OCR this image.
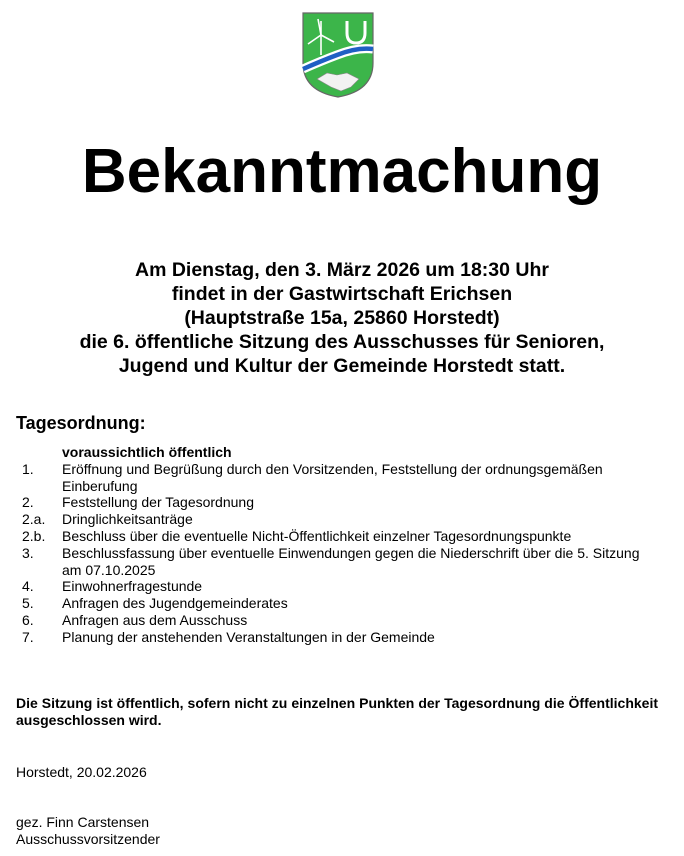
Bekanntmachung
Am Dienstag, den 3. März 2026 um 18:30 Uhr
findet in der Gastwirtschaft Erichsen
(Hauptstraße 15a, 25860 Horstedt)
die 6. öffentliche Sitzung des Ausschusses für Senioren,
Jugend und Kultur der Gemeinde Horstedt statt.
Tagesordnung:
voraussichtlich öffentlich
1.	Eröffnung und Begrüßung durch den Vorsitzenden, Feststellung der ordnungsgemäßen Einberufung
2.	Feststellung der Tagesordnung
2.a.	Dringlichkeitsanträge
2.b.	Beschluss über die eventuelle Nicht-Öffentlichkeit einzelner Tagesordnungspunkte
3.	Beschlussfassung über eventuelle Einwendungen gegen die Niederschrift über die 5. Sitzung am 07.10.2025
4.	Einwohnerfragestunde
5.	Anfragen des Jugendgemeinderates
6.	Anfragen aus dem Ausschuss
7.	Planung der anstehenden Veranstaltungen in der Gemeinde
Die Sitzung ist öffentlich, sofern nicht zu einzelnen Punkten der Tagesordnung die Öffentlichkeit ausgeschlossen wird.
Horstedt, 20.02.2026
gez. Finn Carstensen
Ausschussvorsitzender
